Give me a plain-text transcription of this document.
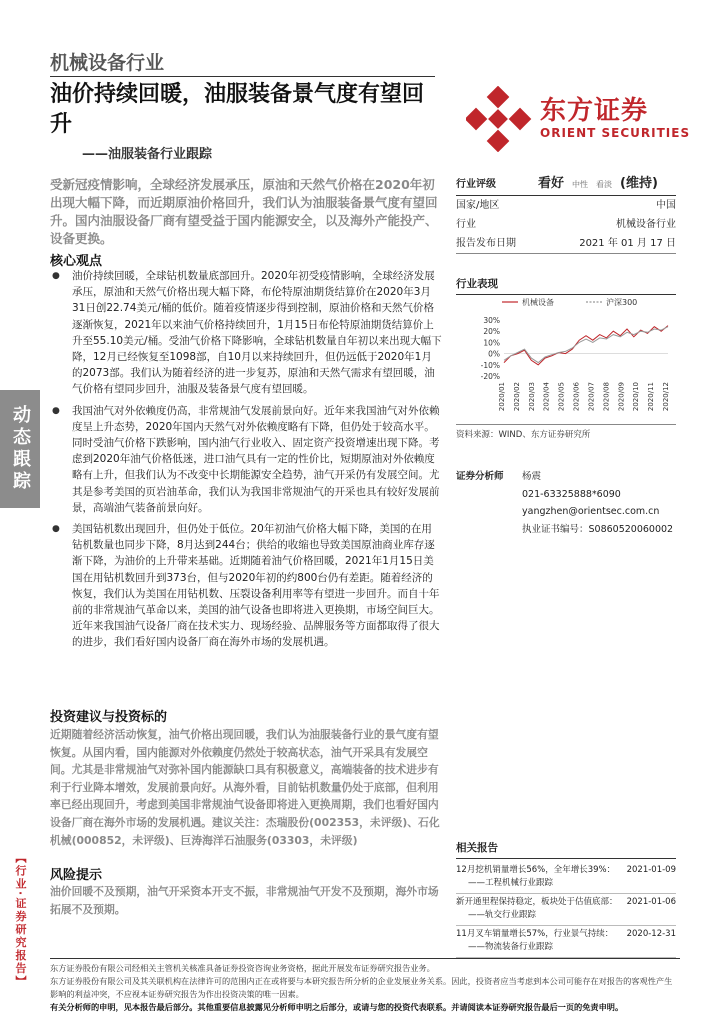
动态跟踪
【行业·证券研究报告】
机械设备行业
油价持续回暖，油服装备景气度有望回升
——油服装备行业跟踪
东方证券
ORIENT SECURITIES
受新冠疫情影响，全球经济发展承压，原油和天然气价格在2020年初出现大幅下降，而近期原油价格回升，我们认为油服装备景气度有望回升。国内油服设备厂商有望受益于国内能源安全，以及海外产能投产、设备更换。
核心观点
● 油价持续回暖，全球钻机数量底部回升。2020年初受疫情影响，全球经济发展承压，原油和天然气价格出现大幅下降，布伦特原油期货结算价在2020年3月31日创22.74美元/桶的低价。随着疫情逐步得到控制，原油价格和天然气价格逐渐恢复，2021年以来油气价格持续回升，1月15日布伦特原油期货结算价上升至55.10美元/桶。受油气价格下降影响，全球钻机数量自年初以来出现大幅下降，12月已经恢复至1098部，自10月以来持续回升，但仍远低于2020年1月的2073部。我们认为随着经济的进一步复苏，原油和天然气需求有望回暖，油气价格有望同步回升，油服及装备景气度有望回暖。
● 我国油气对外依赖度仍高，非常规油气发展前景向好。近年来我国油气对外依赖度呈上升态势，2020年国内天然气对外依赖度略有下降，但仍处于较高水平。同时受油气价格下跌影响，国内油气行业收入、固定资产投资增速出现下降。考虑到2020年油气价格低迷，进口油气具有一定的性价比，短期原油对外依赖度略有上升，但我们认为不改变中长期能源安全趋势，油气开采仍有发展空间。尤其是参考美国的页岩油革命，我们认为我国非常规油气的开采也具有较好发展前景，高端油气装备前景向好。
● 美国钻机数出现回升，但仍处于低位。20年初油气价格大幅下降，美国的在用钻机数量也同步下降，8月达到244台；供给的收缩也导致美国原油商业库存逐渐下降，为油价的上升带来基础。近期随着油气价格回暖，2021年1月15日美国在用钻机数回升到373台，但与2020年初的约800台仍有差距。随着经济的恢复，我们认为美国在用钻机数、压裂设备利用率等有望进一步回升。而自十年前的非常规油气革命以来，美国的油气设备也即将进入更换期，市场空间巨大。近年来我国油气设备厂商在技术实力、现场经验、品牌服务等方面都取得了很大的进步，我们看好国内设备厂商在海外市场的发展机遇。
投资建议与投资标的
近期随着经济活动恢复，油气价格出现回暖，我们认为油服装备行业的景气度有望恢复。从国内看，国内能源对外依赖度仍然处于较高状态，油气开采具有发展空间。尤其是非常规油气对弥补国内能源缺口具有积极意义，高端装备的技术进步有利于行业降本增效，发展前景向好。从海外看，目前钻机数量仍处于底部，但利用率已经出现回升，考虑到美国非常规油气设备即将进入更换周期，我们也看好国内设备厂商在海外市场的发展机遇。建议关注：杰瑞股份(002353，未评级)、石化机械(000852，未评级)、巨涛海洋石油服务(03303，未评级)
风险提示
油价回暖不及预期，油气开采资本开支不振，非常规油气开发不及预期，海外市场拓展不及预期。
行业评级	看好 中性 看淡 (维持)
国家/地区	中国
行业	机械设备行业
报告发布日期	2021 年 01 月 17 日
行业表现
机械设备	沪深300
30%
20%
10%
0%
-10%
-20%
2020/01 2020/02 2020/03 2020/04 2020/05 2020/06 2020/07 2020/08 2020/09 2020/10 2020/11 2020/12
资料来源：WIND、东方证券研究所
证券分析师	杨震
021-63325888*6090
yangzhen@orientsec.com.cn
执业证书编号：S0860520060002
相关报告
12月挖机销量增长56%，全年增长39%： 2021-01-09
——工程机械行业跟踪
新开通里程保持稳定，板块处于估值底部： 2021-01-06
——轨交行业跟踪
11月叉车销量增长57%，行业景气持续： 2020-12-31
——物流装备行业跟踪
东方证券股份有限公司经相关主管机关核准具备证券投资咨询业务资格，据此开展发布证券研究报告业务。
东方证券股份有限公司及其关联机构在法律许可的范围内正在或将要与本研究报告所分析的企业发展业务关系。因此，投资者应当考虑到本公司可能存在对报告的客观性产生影响的利益冲突，不应视本证券研究报告为作出投资决策的唯一因素。
有关分析师的申明，见本报告最后部分。其他重要信息披露见分析师申明之后部分，或请与您的投资代表联系。并请阅读本证券研究报告最后一页的免责申明。
